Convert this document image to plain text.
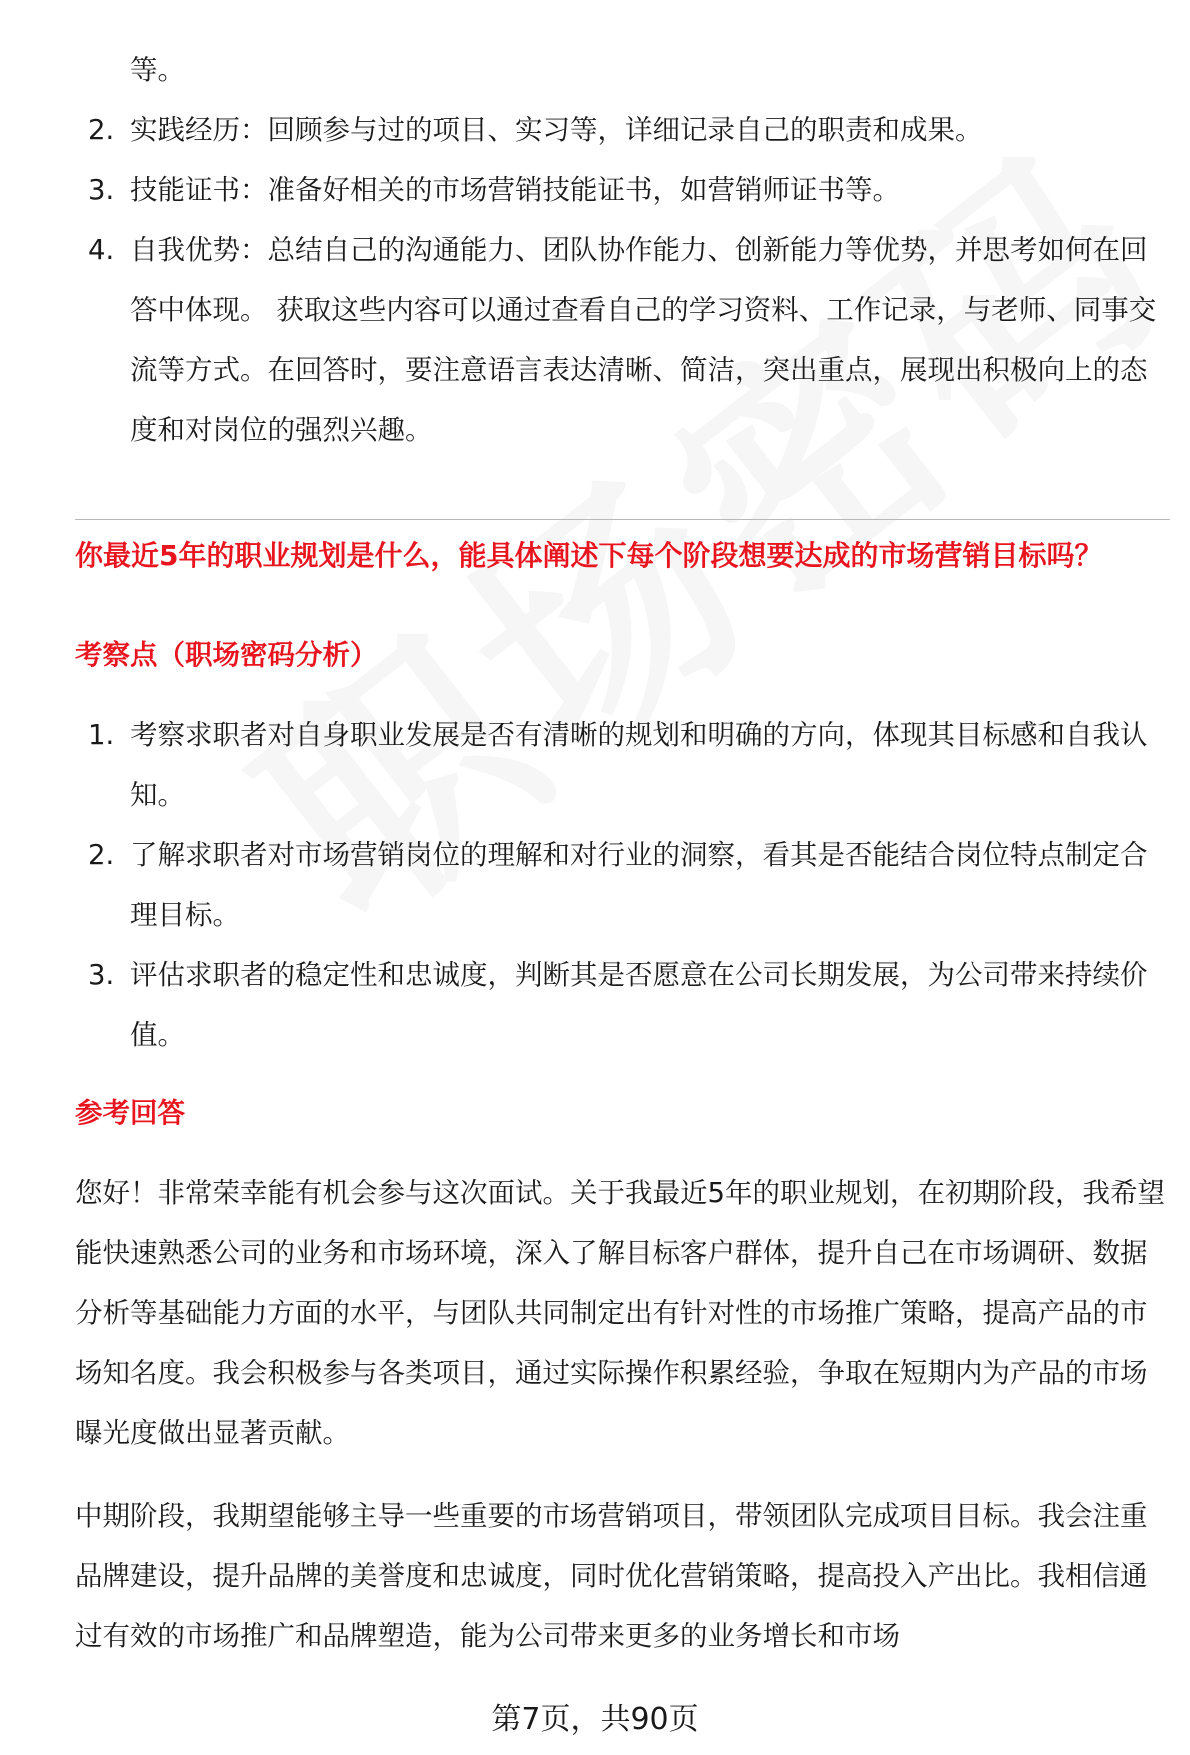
等。
2. 实践经历：回顾参与过的项目、实习等，详细记录自己的职责和成果。
3. 技能证书：准备好相关的市场营销技能证书，如营销师证书等。
4. 自我优势：总结自己的沟通能力、团队协作能力、创新能力等优势，并思考如何在回答中体现。 获取这些内容可以通过查看自己的学习资料、工作记录，与老师、同事交流等方式。在回答时，要注意语言表达清晰、简洁，突出重点，展现出积极向上的态度和对岗位的强烈兴趣。
你最近5年的职业规划是什么，能具体阐述下每个阶段想要达成的市场营销目标吗？
考察点（职场密码分析）
1. 考察求职者对自身职业发展是否有清晰的规划和明确的方向，体现其目标感和自我认知。
2. 了解求职者对市场营销岗位的理解和对行业的洞察，看其是否能结合岗位特点制定合理目标。
3. 评估求职者的稳定性和忠诚度，判断其是否愿意在公司长期发展，为公司带来持续价值。
参考回答

您好！非常荣幸能有机会参与这次面试。关于我最近5年的职业规划，在初期阶段，我希望能快速熟悉公司的业务和市场环境，深入了解目标客户群体，提升自己在市场调研、数据分析等基础能力方面的水平，与团队共同制定出有针对性的市场推广策略，提高产品的市场知名度。我会积极参与各类项目，通过实际操作积累经验，争取在短期内为产品的市场曝光度做出显著贡献。

中期阶段，我期望能够主导一些重要的市场营销项目，带领团队完成项目目标。我会注重品牌建设，提升品牌的美誉度和忠诚度，同时优化营销策略，提高投入产出比。我相信通过有效的市场推广和品牌塑造，能为公司带来更多的业务增长和市场

第7页，共90页
